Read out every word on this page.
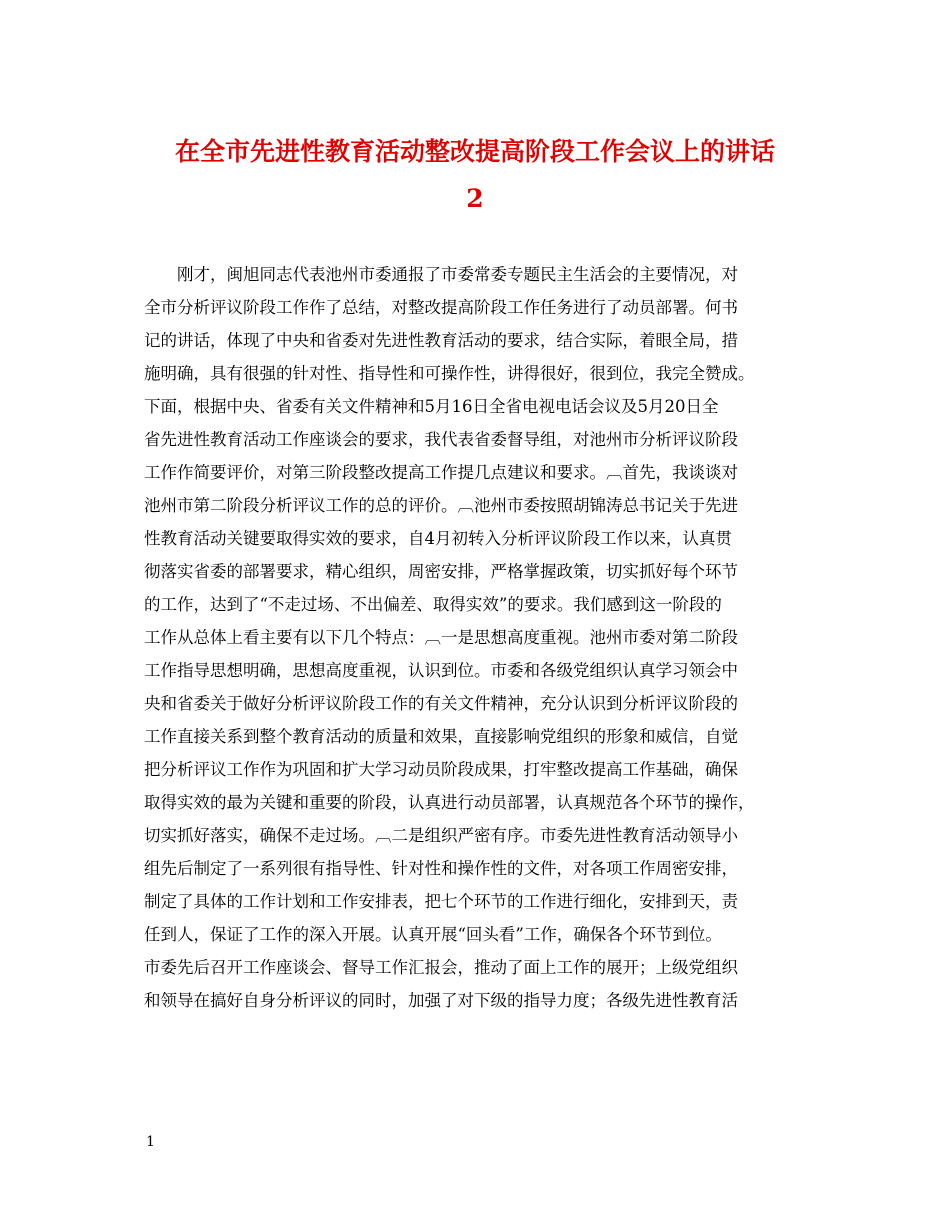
在全市先进性教育活动整改提高阶段工作会议上的讲话
2
刚才，闽旭同志代表池州市委通报了市委常委专题民主生活会的主要情况，对
全市分析评议阶段工作作了总结，对整改提高阶段工作任务进行了动员部署。何书
记的讲话，体现了中央和省委对先进性教育活动的要求，结合实际，着眼全局，措
施明确，具有很强的针对性、指导性和可操作性，讲得很好，很到位，我完全赞成。
下面，根据中央、省委有关文件精神和5月16日全省电视电话会议及5月20日全
省先进性教育活动工作座谈会的要求，我代表省委督导组，对池州市分析评议阶段
工作作简要评价，对第三阶段整改提高工作提几点建议和要求。︹首先，我谈谈对
池州市第二阶段分析评议工作的总的评价。︹池州市委按照胡锦涛总书记关于先进
性教育活动关键要取得实效的要求，自4月初转入分析评议阶段工作以来，认真贯
彻落实省委的部署要求，精心组织，周密安排，严格掌握政策，切实抓好每个环节
的工作，达到了“不走过场、不出偏差、取得实效”的要求。我们感到这一阶段的
工作从总体上看主要有以下几个特点：︹一是思想高度重视。池州市委对第二阶段
工作指导思想明确，思想高度重视，认识到位。市委和各级党组织认真学习领会中
央和省委关于做好分析评议阶段工作的有关文件精神，充分认识到分析评议阶段的
工作直接关系到整个教育活动的质量和效果，直接影响党组织的形象和威信，自觉
把分析评议工作作为巩固和扩大学习动员阶段成果，打牢整改提高工作基础，确保
取得实效的最为关键和重要的阶段，认真进行动员部署，认真规范各个环节的操作，
切实抓好落实，确保不走过场。︹二是组织严密有序。市委先进性教育活动领导小
组先后制定了一系列很有指导性、针对性和操作性的文件，对各项工作周密安排，
制定了具体的工作计划和工作安排表，把七个环节的工作进行细化，安排到天，责
任到人，保证了工作的深入开展。认真开展“回头看”工作，确保各个环节到位。
市委先后召开工作座谈会、督导工作汇报会，推动了面上工作的展开；上级党组织
和领导在搞好自身分析评议的同时，加强了对下级的指导力度；各级先进性教育活
1
